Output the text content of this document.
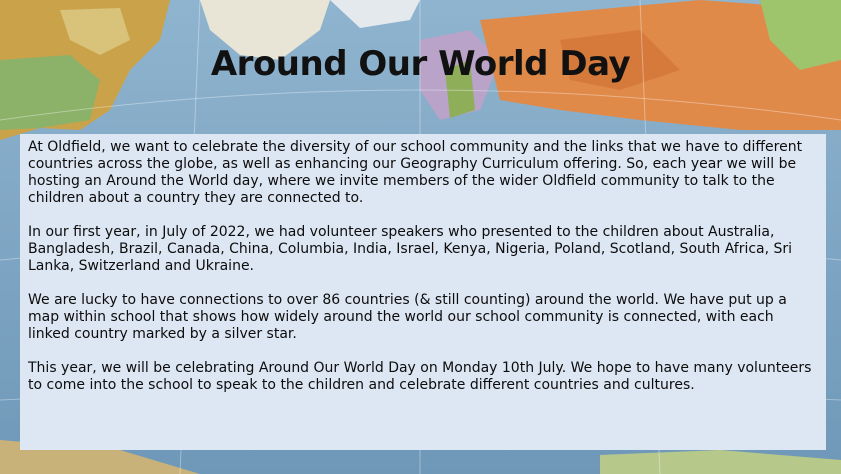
Around Our World Day

At Oldfield, we want to celebrate the diversity of our school community and the links that we have to different countries across the globe, as well as enhancing our Geography Curriculum offering. So, each year we will be hosting an Around the World day, where we invite members of the wider Oldfield community to talk to the children about a country they are connected to.

In our first year, in July of 2022, we had volunteer speakers who presented to the children about Australia, Bangladesh, Brazil, Canada, China, Columbia, India, Israel, Kenya, Nigeria, Poland, Scotland, South Africa, Sri Lanka, Switzerland and Ukraine.

We are lucky to have connections to over 86 countries (& still counting) around the world. We have put up a map within school that shows how widely around the world our school community is connected, with each linked country marked by a silver star.

This year, we will be celebrating Around Our World Day on Monday 10th July. We hope to have many volunteers to come into the school to speak to the children and celebrate different countries and cultures.
